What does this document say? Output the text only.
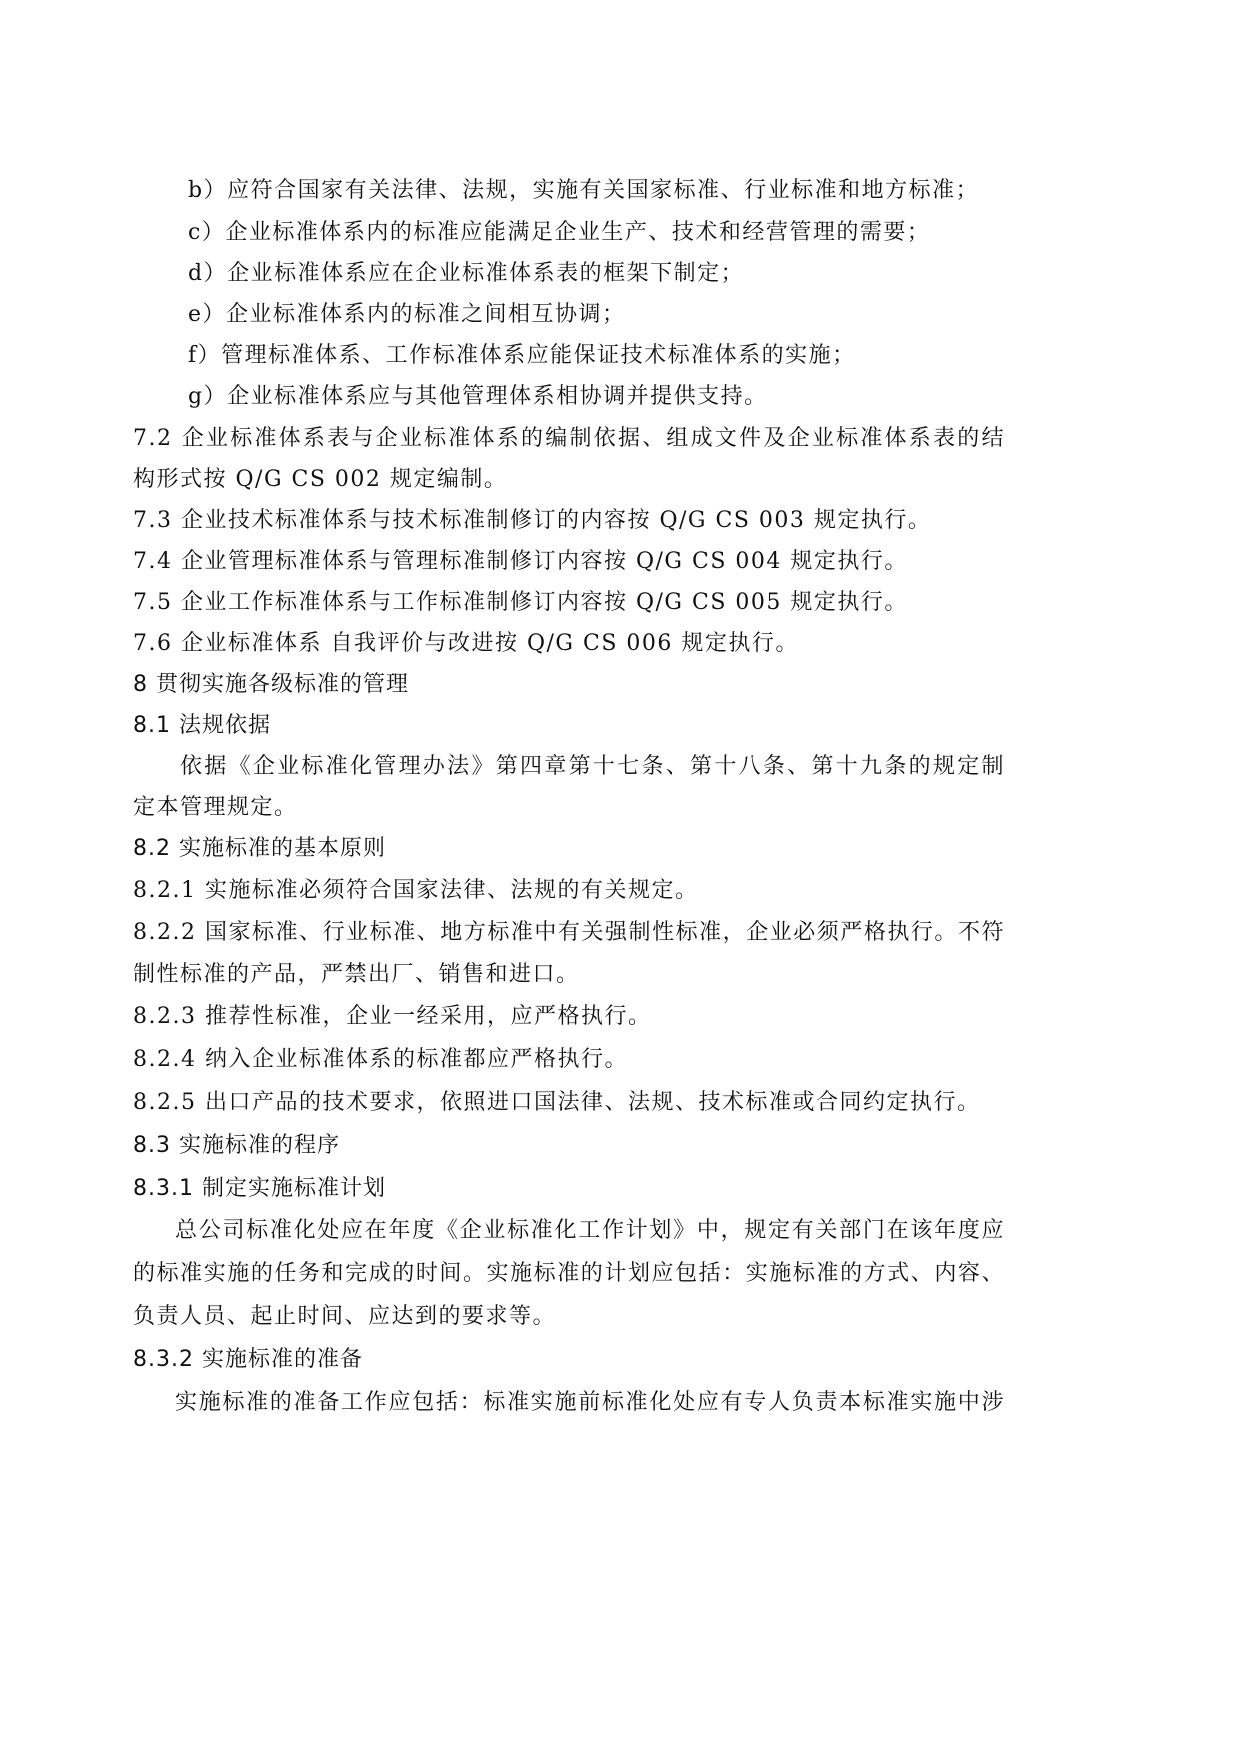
b）应符合国家有关法律、法规，实施有关国家标准、行业标准和地方标准；
c）企业标准体系内的标准应能满足企业生产、技术和经营管理的需要；
d）企业标准体系应在企业标准体系表的框架下制定；
e）企业标准体系内的标准之间相互协调；
f）管理标准体系、工作标准体系应能保证技术标准体系的实施；
g）企业标准体系应与其他管理体系相协调并提供支持。
7.2 企业标准体系表与企业标准体系的编制依据、组成文件及企业标准体系表的结
构形式按 Q/G CS 002 规定编制。
7.3 企业技术标准体系与技术标准制修订的内容按 Q/G CS 003 规定执行。
7.4 企业管理标准体系与管理标准制修订内容按 Q/G CS 004 规定执行。
7.5 企业工作标准体系与工作标准制修订内容按 Q/G CS 005 规定执行。
7.6 企业标准体系 自我评价与改进按 Q/G CS 006 规定执行。
8 贯彻实施各级标准的管理
8.1 法规依据
依据《企业标准化管理办法》第四章第十七条、第十八条、第十九条的规定制
定本管理规定。
8.2 实施标准的基本原则
8.2.1 实施标准必须符合国家法律、法规的有关规定。
8.2.2 国家标准、行业标准、地方标准中有关强制性标准，企业必须严格执行。不符
制性标准的产品，严禁出厂、销售和进口。
8.2.3 推荐性标准，企业一经采用，应严格执行。
8.2.4 纳入企业标准体系的标准都应严格执行。
8.2.5 出口产品的技术要求，依照进口国法律、法规、技术标准或合同约定执行。
8.3 实施标准的程序
8.3.1 制定实施标准计划
总公司标准化处应在年度《企业标准化工作计划》中，规定有关部门在该年度应
的标准实施的任务和完成的时间。实施标准的计划应包括：实施标准的方式、内容、
负责人员、起止时间、应达到的要求等。
8.3.2 实施标准的准备
实施标准的准备工作应包括：标准实施前标准化处应有专人负责本标准实施中涉
